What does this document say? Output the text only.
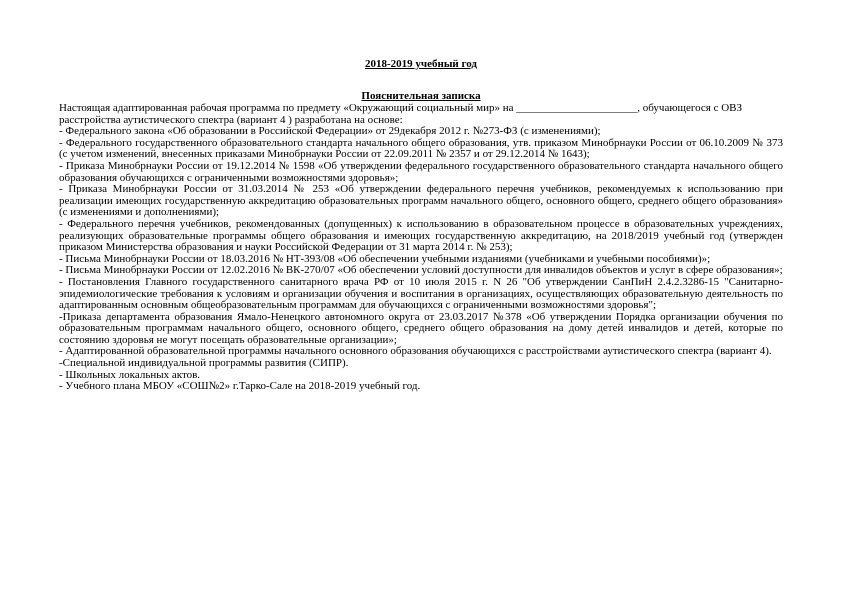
2018-2019 учебный год
Пояснительная записка

Настоящая адаптированная рабочая программа по предмету «Окружающий социальный мир» на ______________________, обучающегося с ОВЗ расстройства аутистического спектра (вариант 4 ) разработана на основе:

- Федерального закона «Об образовании в Российской Федерации» от 29декабря 2012 г. №273-ФЗ (с изменениями);

- Федерального государственного образовательного стандарта начального общего образования, утв. приказом Минобрнауки России от 06.10.2009 № 373 (с учетом изменений, внесенных приказами Минобрнауки России от 22.09.2011 № 2357 и от 29.12.2014 № 1643);

- Приказа Минобрнауки России от 19.12.2014 № 1598 «Об утверждении федерального государственного образовательного стандарта начального общего образования обучающихся с ограниченными возможностями здоровья»;

- Приказа Минобрнауки России от 31.03.2014 № 253 «Об утверждении федерального перечня учебников, рекомендуемых к использованию при реализации имеющих государственную аккредитацию образовательных программ начального общего, основного общего, среднего общего образования» (с изменениями и дополнениями);

- Федерального перечня учебников, рекомендованных (допущенных) к использованию в образовательном процессе в образовательных учреждениях, реализующих образовательные программы общего образования и имеющих государственную аккредитацию, на 2018/2019 учебный год (утвержден приказом Министерства образования и науки Российской Федерации от 31 марта 2014 г. № 253);

- Письма Минобрнауки России от 18.03.2016 № НТ-393/08 «Об обеспечении учебными изданиями (учебниками и учебными пособиями)»;

- Письма Минобрнауки России от 12.02.2016 № ВК-270/07 «Об обеспечении условий доступности для инвалидов объектов и услуг в сфере образования»;

- Постановления Главного государственного санитарного врача РФ от 10 июля 2015 г. N 26 "Об утверждении СанПиН 2.4.2.3286-15 "Санитарно-эпидемиологические требования к условиям и организации обучения и воспитания в организациях, осуществляющих образовательную деятельность по адаптированным основным общеобразовательным программам для обучающихся с ограниченными возможностями здоровья";

-Приказа департамента образования Ямало-Ненецкого автономного округа от 23.03.2017 №378 «Об утверждении Порядка организации обучения по образовательным программам начального общего, основного общего, среднего общего образования на дому детей инвалидов и детей, которые по состоянию здоровья не могут посещать образовательные организации»;

- Адаптированной образовательной программы начального основного образования обучающихся с расстройствами аутистического спектра (вариант 4).

-Специальной индивидуальной программы развития (СИПР).

- Школьных локальных актов.

- Учебного плана МБОУ «СОШ№2» г.Тарко-Сале на 2018-2019 учебный год.
